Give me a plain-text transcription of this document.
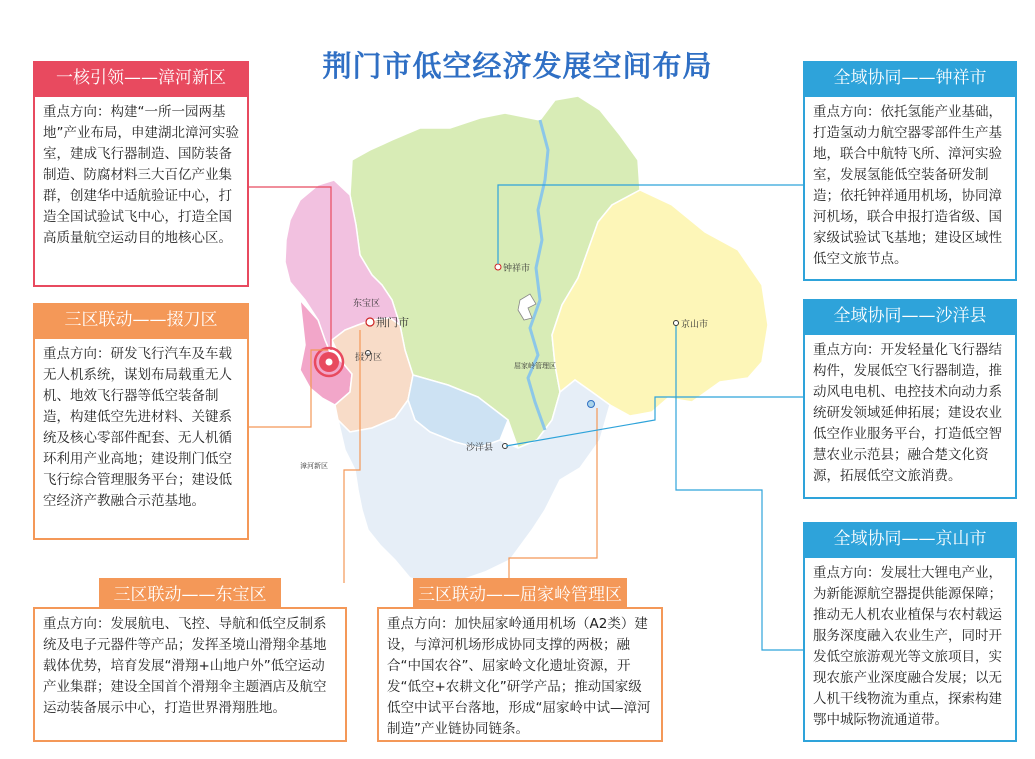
钟祥市
东宝区
荆门市
掇刀区
京山市
沙洋县
屈家岭管理区
漳河新区
荆门市低空经济发展空间布局
一核引领——漳河新区
重点方向：构建“一所一园两基地”产业布局，申建湖北漳河实验室，建成飞行器制造、国防装备制造、防腐材料三大百亿产业集群，创建华中适航验证中心，打造全国试验试飞中心，打造全国高质量航空运动目的地核心区。
三区联动——掇刀区
重点方向：研发飞行汽车及车载无人机系统，谋划布局载重无人机、地效飞行器等低空装备制造，构建低空先进材料、关键系统及核心零部件配套、无人机循环利用产业高地；建设荆门低空飞行综合管理服务平台；建设低空经济产教融合示范基地。
三区联动——东宝区
重点方向：发展航电、飞控、导航和低空反制系统及电子元器件等产品；发挥圣境山滑翔伞基地载体优势，培育发展“滑翔+山地户外”低空运动产业集群；建设全国首个滑翔伞主题酒店及航空运动装备展示中心，打造世界滑翔胜地。
三区联动——屈家岭管理区
重点方向：加快屈家岭通用机场（A2类）建设，与漳河机场形成协同支撑的两极；融合“中国农谷”、屈家岭文化遗址资源，开发“低空+农耕文化”研学产品；推动国家级低空中试平台落地，形成“屈家岭中试—漳河制造”产业链协同链条。
全域协同——钟祥市
重点方向：依托氢能产业基础，打造氢动力航空器零部件生产基地，联合中航特飞所、漳河实验室，发展氢能低空装备研发制造；依托钟祥通用机场，协同漳河机场，联合申报打造省级、国家级试验试飞基地；建设区域性低空文旅节点。
全域协同——沙洋县
重点方向：开发轻量化飞行器结构件，发展低空飞行器制造，推动风电电机、电控技术向动力系统研发领域延伸拓展；建设农业低空作业服务平台，打造低空智慧农业示范县；融合楚文化资源，拓展低空文旅消费。
全域协同——京山市
重点方向：发展壮大锂电产业，为新能源航空器提供能源保障；推动无人机农业植保与农村载运服务深度融入农业生产，同时开发低空旅游观光等文旅项目，实现农旅产业深度融合发展；以无人机干线物流为重点，探索构建鄂中城际物流通道带。
